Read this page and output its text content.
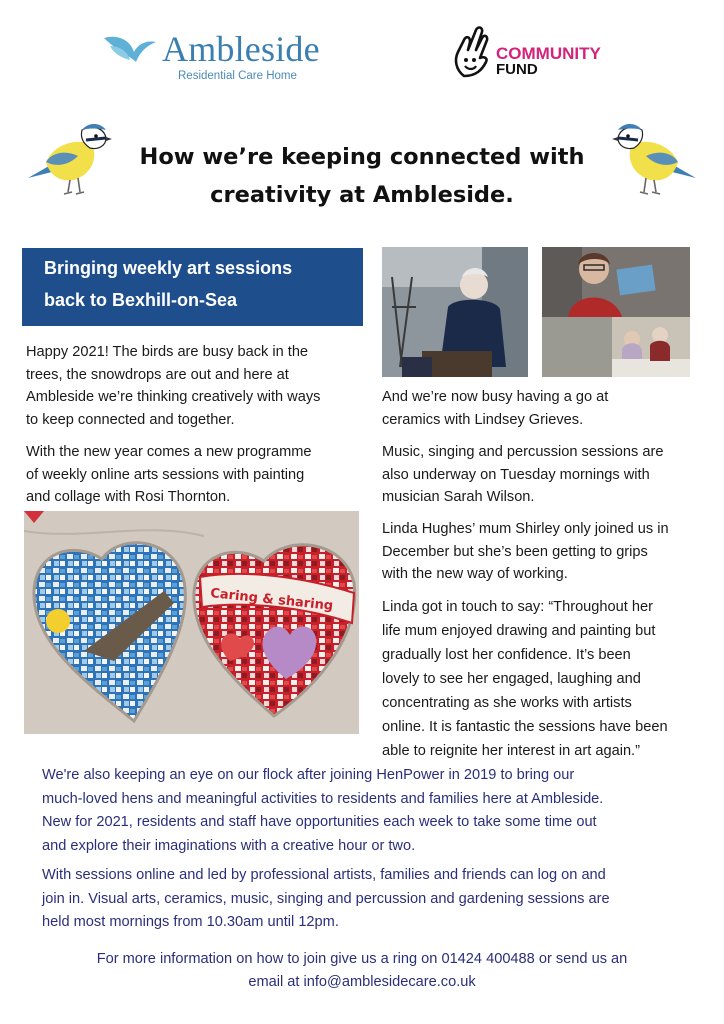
Ambleside
Residential Care Home
COMMUNITY
FUND
How we’re keeping connected with
creativity at Ambleside.
Bringing weekly art sessions
back to Bexhill-on-Sea
Happy 2021! The birds are busy back in the
trees, the snowdrops are out and here at
Ambleside we’re thinking creatively with ways
to keep connected and together.
With the new year comes a new programme
of weekly online arts sessions with painting
and collage with Rosi Thornton.
Caring & sharing
And we’re now busy having a go at
ceramics with Lindsey Grieves.
Music, singing and percussion sessions are
also underway on Tuesday mornings with
musician Sarah Wilson.
Linda Hughes’ mum Shirley only joined us in
December but she’s been getting to grips
with the new way of working.
Linda got in touch to say: “Throughout her
life mum enjoyed drawing and painting but
gradually lost her confidence. It’s been
lovely to see her engaged, laughing and
concentrating as she works with artists
online. It is fantastic the sessions have been
able to reignite her interest in art again.”
We're also keeping an eye on our flock after joining HenPower in 2019 to bring our
much-loved hens and meaningful activities to residents and families here at Ambleside.
New for 2021, residents and staff have opportunities each week to take some time out
and explore their imaginations with a creative hour or two.
With sessions online and led by professional artists, families and friends can log on and
join in. Visual arts, ceramics, music, singing and percussion and gardening sessions are
held most mornings from 10.30am until 12pm.
For more information on how to join give us a ring on 01424 400488 or send us an
email at info@amblesidecare.co.uk
